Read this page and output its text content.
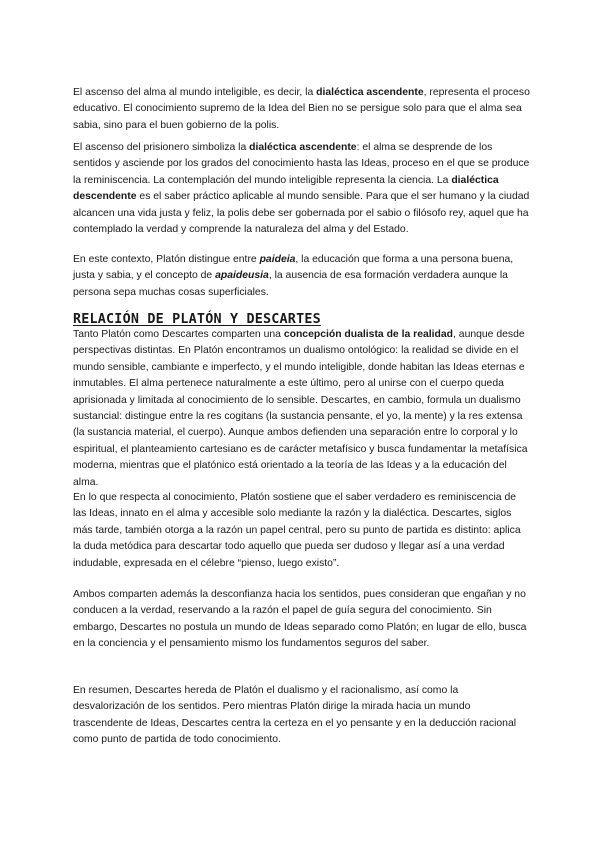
El ascenso del alma al mundo inteligible, es decir, la dialéctica ascendente, representa el proceso educativo. El conocimiento supremo de la Idea del Bien no se persigue solo para que el alma sea sabia, sino para el buen gobierno de la polis.

El ascenso del prisionero simboliza la dialéctica ascendente: el alma se desprende de los sentidos y asciende por los grados del conocimiento hasta las Ideas, proceso en el que se produce la reminiscencia. La contemplación del mundo inteligible representa la ciencia. La dialéctica descendente es el saber práctico aplicable al mundo sensible. Para que el ser humano y la ciudad alcancen una vida justa y feliz, la polis debe ser gobernada por el sabio o filósofo rey, aquel que ha contemplado la verdad y comprende la naturaleza del alma y del Estado.

En este contexto, Platón distingue entre paideia, la educación que forma a una persona buena, justa y sabia, y el concepto de apaideusia, la ausencia de esa formación verdadera aunque la persona sepa muchas cosas superficiales.

RELACIÓN DE PLATÓN Y DESCARTES

Tanto Platón como Descartes comparten una concepción dualista de la realidad, aunque desde perspectivas distintas. En Platón encontramos un dualismo ontológico: la realidad se divide en el mundo sensible, cambiante e imperfecto, y el mundo inteligible, donde habitan las Ideas eternas e inmutables. El alma pertenece naturalmente a este último, pero al unirse con el cuerpo queda aprisionada y limitada al conocimiento de lo sensible. Descartes, en cambio, formula un dualismo sustancial: distingue entre la res cogitans (la sustancia pensante, el yo, la mente) y la res extensa (la sustancia material, el cuerpo). Aunque ambos defienden una separación entre lo corporal y lo espiritual, el planteamiento cartesiano es de carácter metafísico y busca fundamentar la metafísica moderna, mientras que el platónico está orientado a la teoría de las Ideas y a la educación del alma.

En lo que respecta al conocimiento, Platón sostiene que el saber verdadero es reminiscencia de las Ideas, innato en el alma y accesible solo mediante la razón y la dialéctica. Descartes, siglos más tarde, también otorga a la razón un papel central, pero su punto de partida es distinto: aplica la duda metódica para descartar todo aquello que pueda ser dudoso y llegar así a una verdad indudable, expresada en el célebre “pienso, luego existo”.

Ambos comparten además la desconfianza hacia los sentidos, pues consideran que engañan y no conducen a la verdad, reservando a la razón el papel de guía segura del conocimiento. Sin embargo, Descartes no postula un mundo de Ideas separado como Platón; en lugar de ello, busca en la conciencia y el pensamiento mismo los fundamentos seguros del saber.

En resumen, Descartes hereda de Platón el dualismo y el racionalismo, así como la desvalorización de los sentidos. Pero mientras Platón dirige la mirada hacia un mundo trascendente de Ideas, Descartes centra la certeza en el yo pensante y en la deducción racional como punto de partida de todo conocimiento.
